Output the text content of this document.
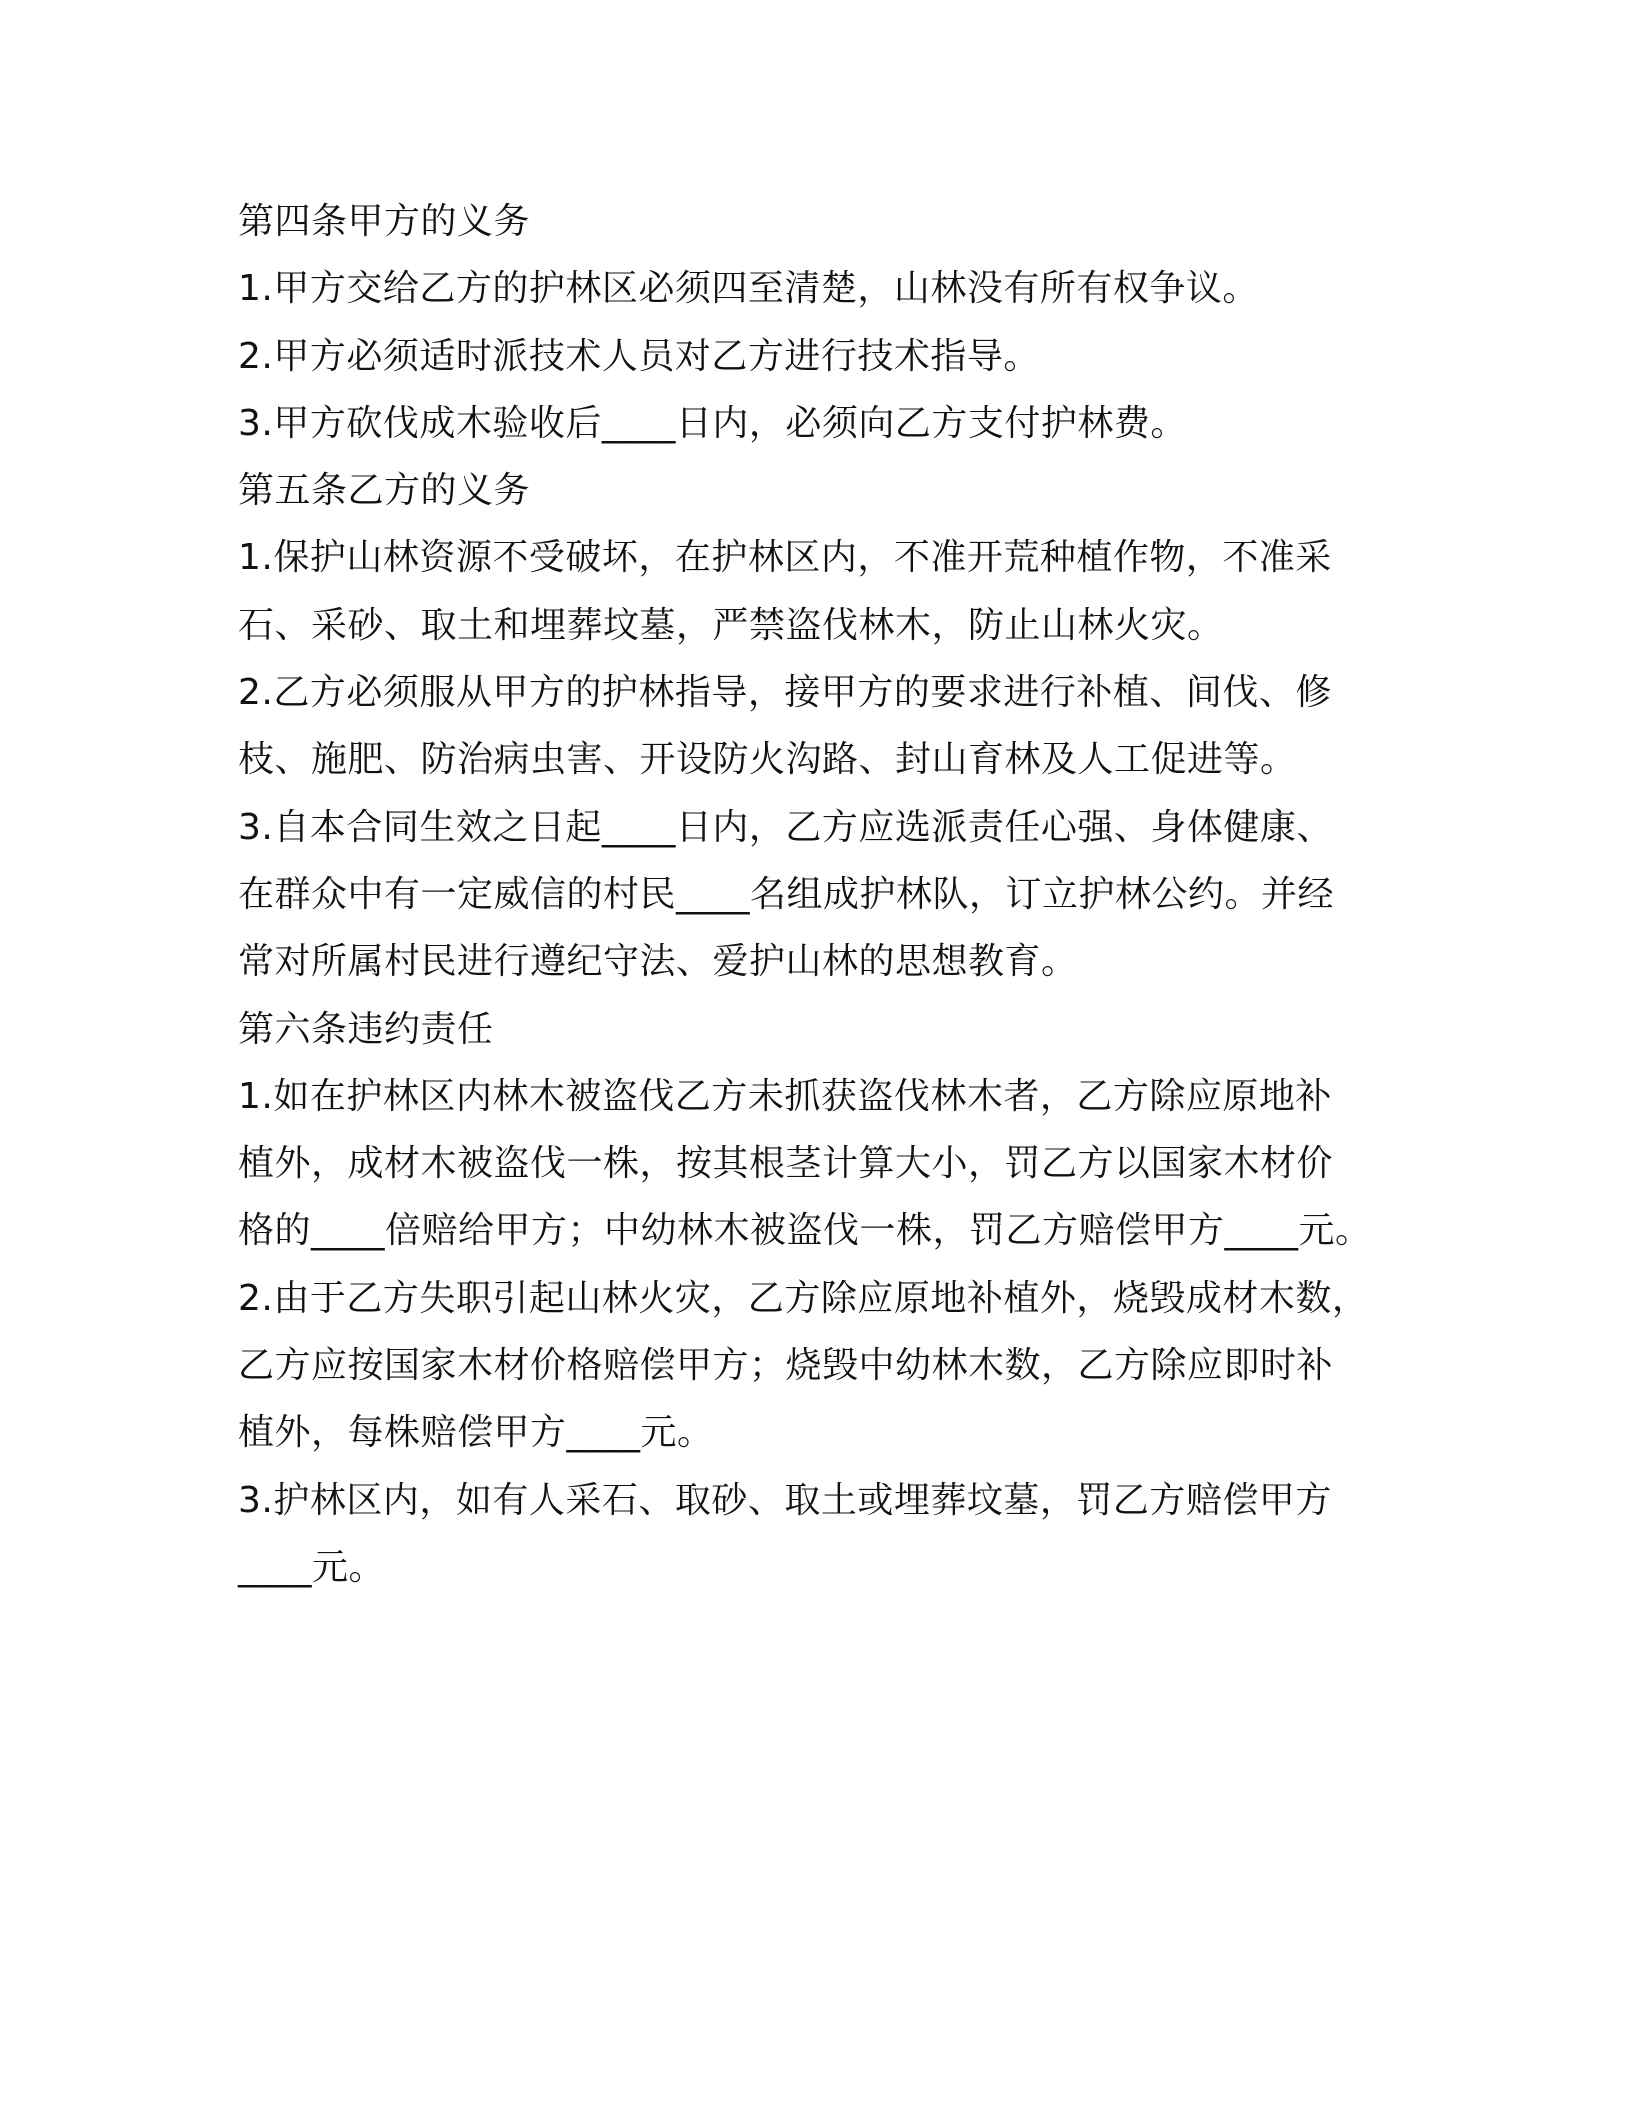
第四条甲方的义务
1.甲方交给乙方的护林区必须四至清楚，山林没有所有权争议。
2.甲方必须适时派技术人员对乙方进行技术指导。
3.甲方砍伐成木验收后____日内，必须向乙方支付护林费。
第五条乙方的义务
1.保护山林资源不受破坏，在护林区内，不准开荒种植作物，不准采
石、采砂、取土和埋葬坟墓，严禁盗伐林木，防止山林火灾。
2.乙方必须服从甲方的护林指导，接甲方的要求进行补植、间伐、修
枝、施肥、防治病虫害、开设防火沟路、封山育林及人工促进等。
3.自本合同生效之日起____日内，乙方应选派责任心强、身体健康、
在群众中有一定威信的村民____名组成护林队，订立护林公约。并经
常对所属村民进行遵纪守法、爱护山林的思想教育。
第六条违约责任
1.如在护林区内林木被盗伐乙方未抓获盗伐林木者，乙方除应原地补
植外，成材木被盗伐一株，按其根茎计算大小，罚乙方以国家木材价
格的____倍赔给甲方；中幼林木被盗伐一株，罚乙方赔偿甲方____元。
2.由于乙方失职引起山林火灾，乙方除应原地补植外，烧毁成材木数，
乙方应按国家木材价格赔偿甲方；烧毁中幼林木数，乙方除应即时补
植外，每株赔偿甲方____元。
3.护林区内，如有人采石、取砂、取土或埋葬坟墓，罚乙方赔偿甲方
____元。
